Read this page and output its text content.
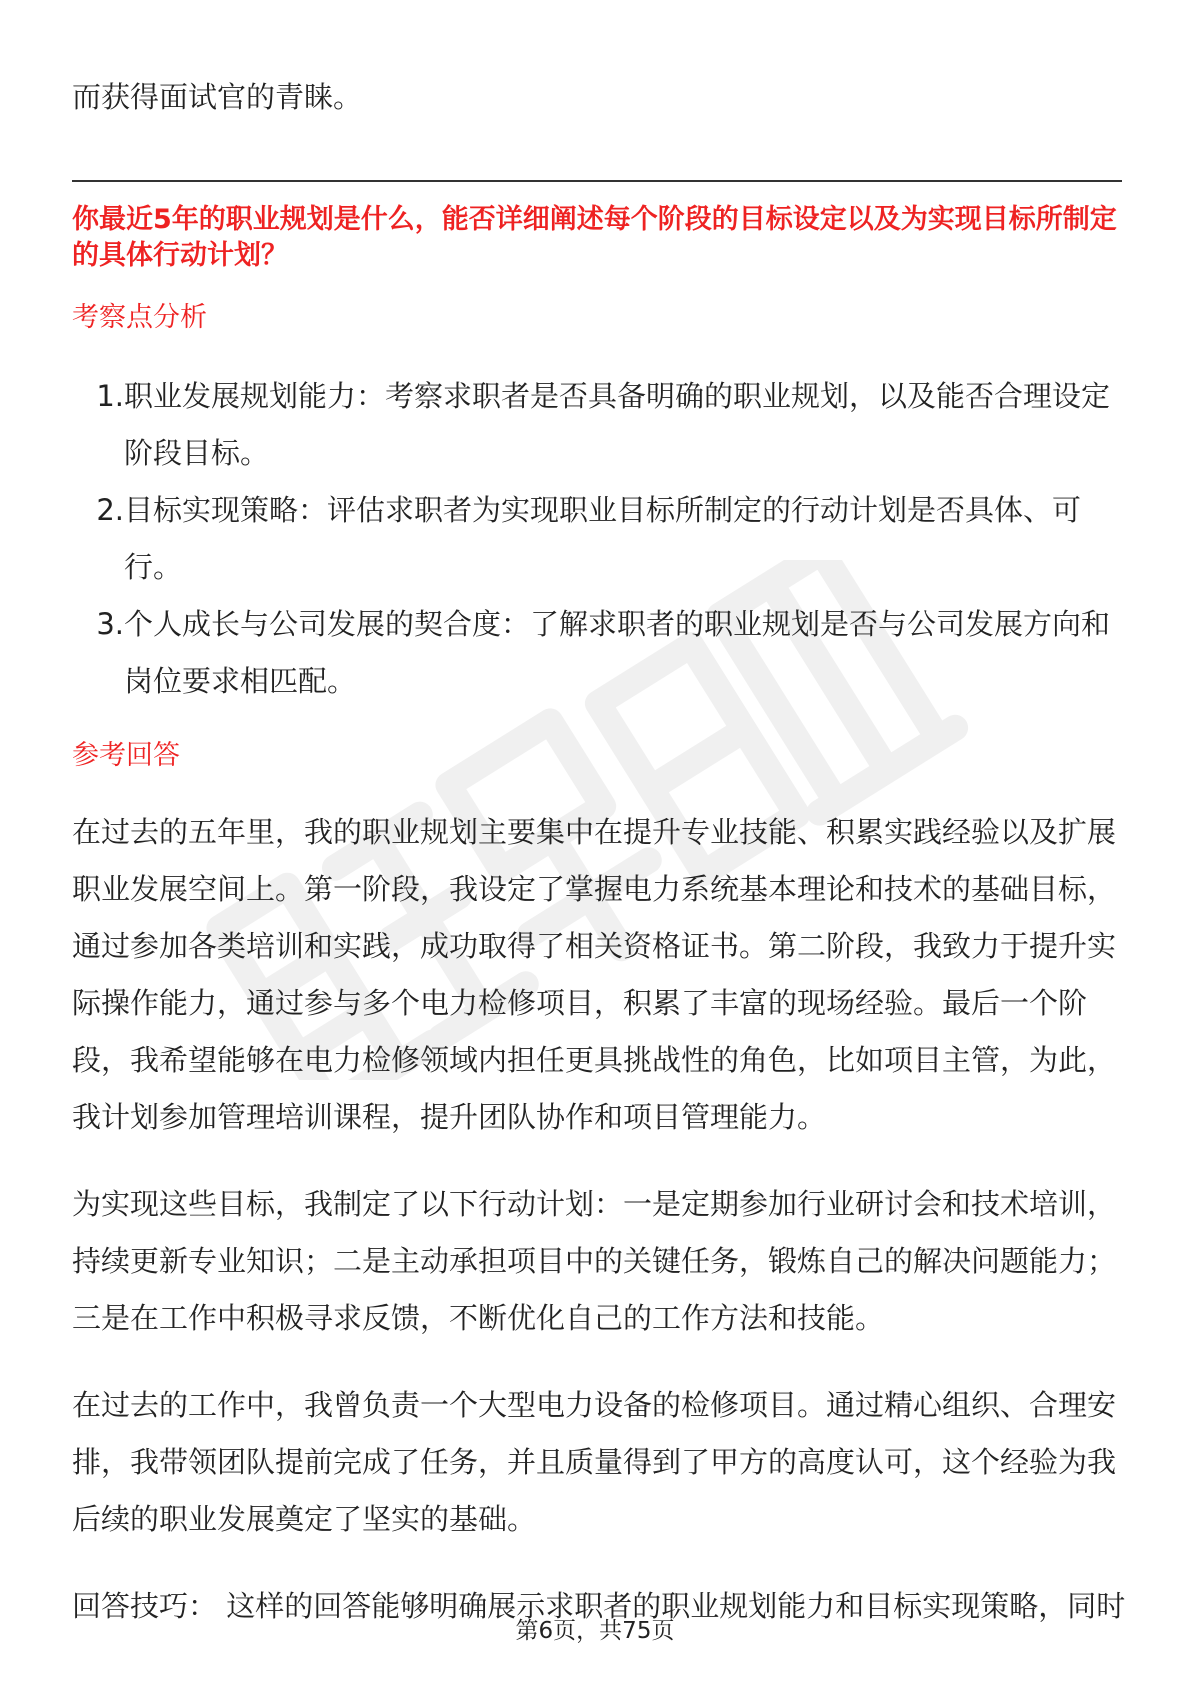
而获得面试官的青睐。

你最近5年的职业规划是什么，能否详细阐述每个阶段的目标设定以及为实现目标所制定的具体行动计划？

考察点分析

1. 职业发展规划能力：考察求职者是否具备明确的职业规划，以及能否合理设定阶段目标。
2. 目标实现策略：评估求职者为实现职业目标所制定的行动计划是否具体、可行。
3. 个人成长与公司发展的契合度：了解求职者的职业规划是否与公司发展方向和岗位要求相匹配。

参考回答

在过去的五年里，我的职业规划主要集中在提升专业技能、积累实践经验以及扩展职业发展空间上。第一阶段，我设定了掌握电力系统基本理论和技术的基础目标，通过参加各类培训和实践，成功取得了相关资格证书。第二阶段，我致力于提升实际操作能力，通过参与多个电力检修项目，积累了丰富的现场经验。最后一个阶段，我希望能够在电力检修领域内担任更具挑战性的角色，比如项目主管，为此，我计划参加管理培训课程，提升团队协作和项目管理能力。

为实现这些目标，我制定了以下行动计划：一是定期参加行业研讨会和技术培训，持续更新专业知识；二是主动承担项目中的关键任务，锻炼自己的解决问题能力；三是在工作中积极寻求反馈，不断优化自己的工作方法和技能。

在过去的工作中，我曾负责一个大型电力设备的检修项目。通过精心组织、合理安排，我带领团队提前完成了任务，并且质量得到了甲方的高度认可，这个经验为我后续的职业发展奠定了坚实的基础。

回答技巧： 这样的回答能够明确展示求职者的职业规划能力和目标实现策略，同时

第6页，共75页
